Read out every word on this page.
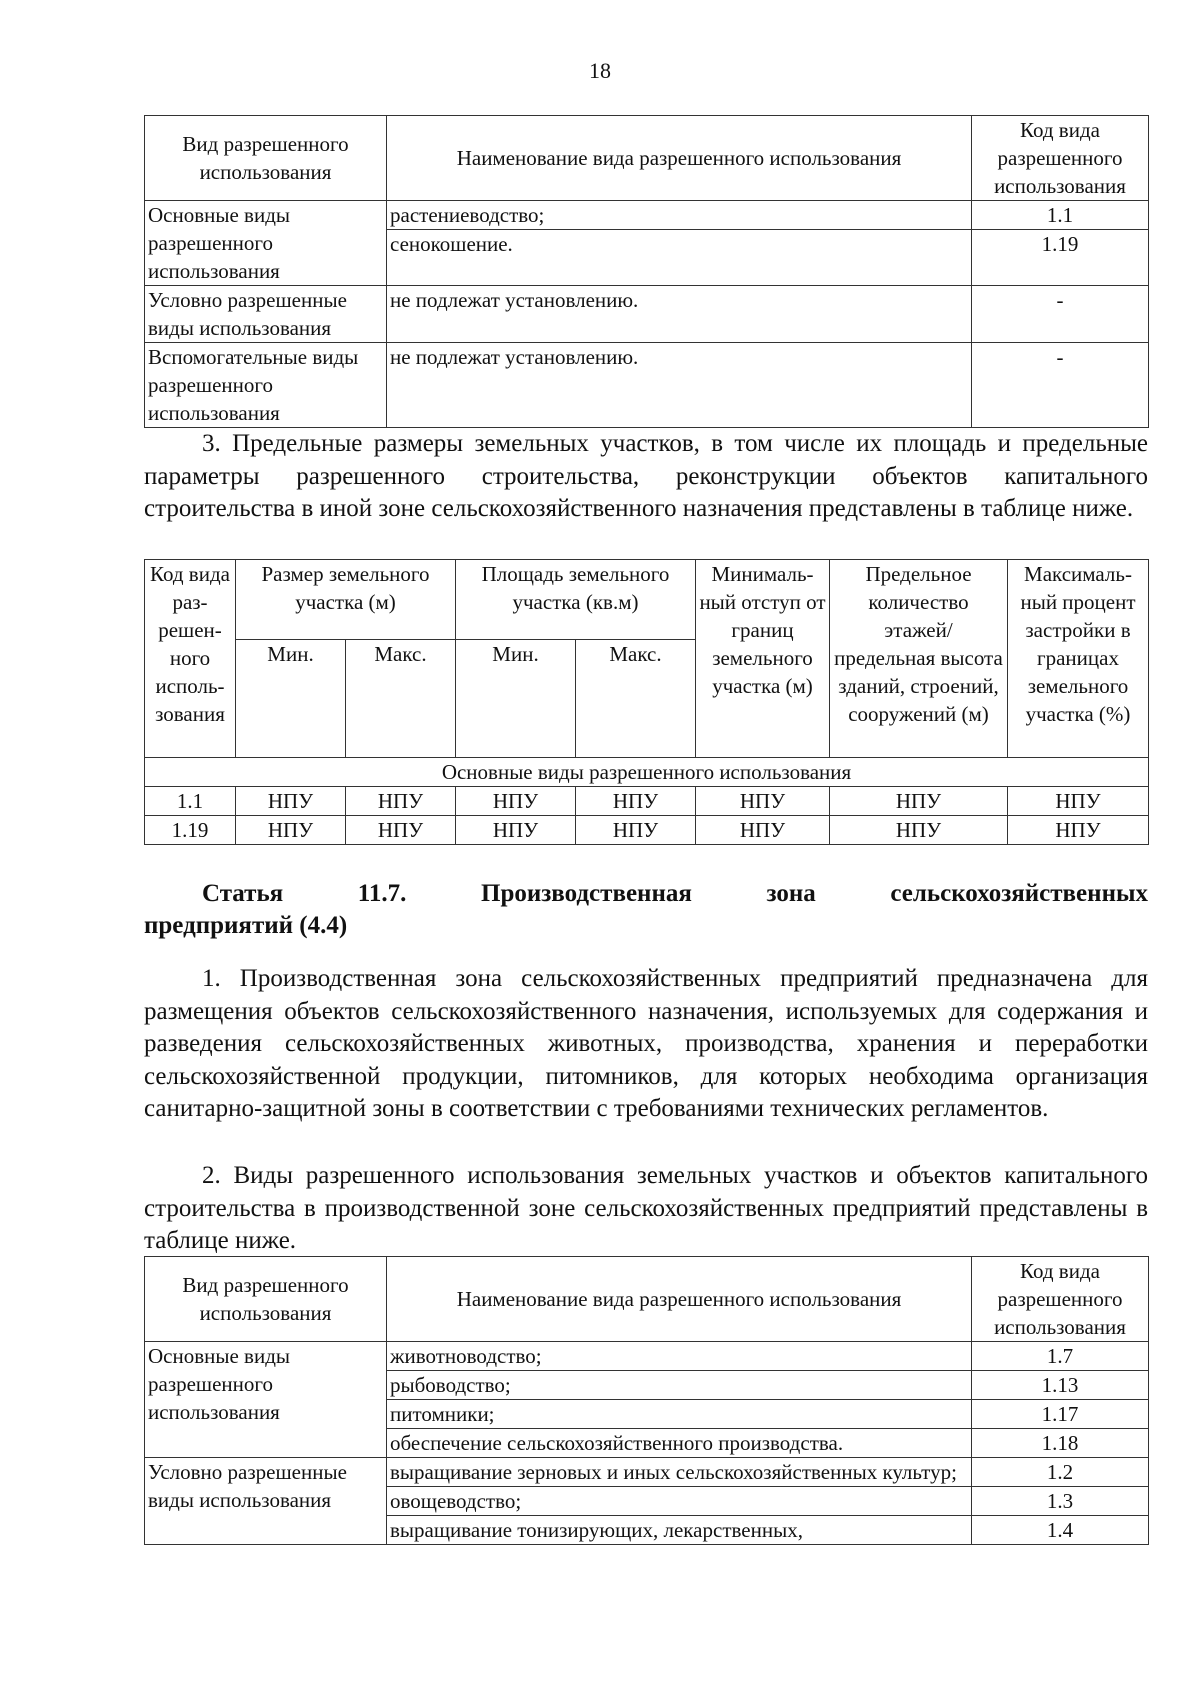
18
Вид разрешенного использования	Наименование вида разрешенного использования	Код вида разрешенного использования
Основные виды разрешенного использования	растениеводство;	1.1
	сенокошение.	1.19
Условно разрешенные виды использования	не подлежат установлению.	-
Вспомогательные виды разрешенного использования	не подлежат установлению.	-
3. Предельные размеры земельных участков, в том числе их площадь и предельные параметры разрешенного строительства, реконструкции объектов капитального строительства в иной зоне сельскохозяйственного назначения представлены в таблице ниже.
Код вида раз-решен-ного исполь-зования	Размер земельного участка (м)		Площадь земельного участка (кв.м)		Минималь-ный отступ от границ земельного участка (м)	Предельное количество этажей/ предельная высота зданий, строений, сооружений (м)	Максималь-ный процент застройки в границах земельного участка (%)
	Мин.	Макс.	Мин.	Макс.			
Основные виды разрешенного использования							
1.1	НПУ	НПУ	НПУ	НПУ	НПУ	НПУ	НПУ
1.19	НПУ	НПУ	НПУ	НПУ	НПУ	НПУ	НПУ
Статья 11.7. Производственная зона сельскохозяйственных
предприятий (4.4)
1. Производственная зона сельскохозяйственных предприятий предназначена для размещения объектов сельскохозяйственного назначения, используемых для содержания и разведения сельскохозяйственных животных, производства, хранения и переработки сельскохозяйственной продукции, питомников, для которых необходима организация санитарно-защитной зоны в соответствии с требованиями технических регламентов.
2. Виды разрешенного использования земельных участков и объектов капитального строительства в производственной зоне сельскохозяйственных предприятий представлены в таблице ниже.
Вид разрешенного использования	Наименование вида разрешенного использования	Код вида разрешенного использования
Основные виды разрешенного использования	животноводство;	1.7
	рыбоводство;	1.13
	питомники;	1.17
	обеспечение сельскохозяйственного производства.	1.18
Условно разрешенные виды использования	выращивание зерновых и иных сельскохозяйственных культур;	1.2
	овощеводство;	1.3
	выращивание тонизирующих, лекарственных,	1.4
